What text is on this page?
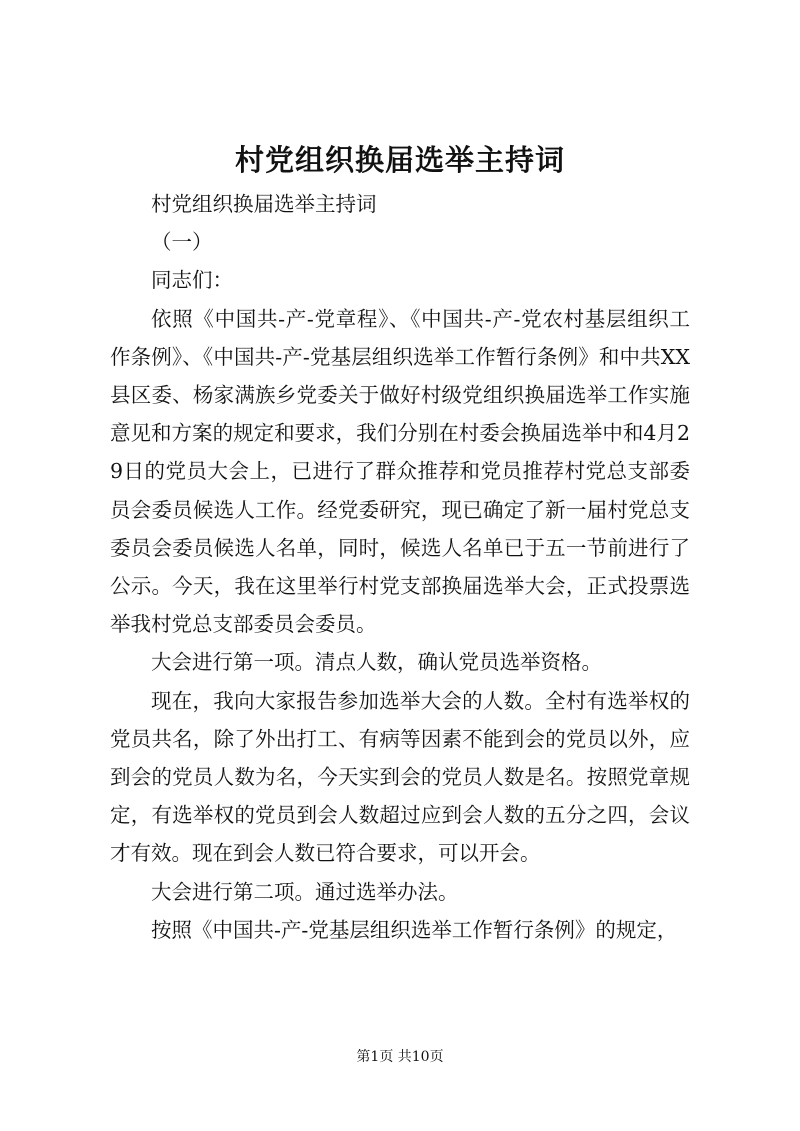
村党组织换届选举主持词

村党组织换届选举主持词

（一）

同志们：

依照《中国共-产-党章程》、《中国共-产-党农村基层组织工作条例》、《中国共-产-党基层组织选举工作暂行条例》和中共XX县区委、杨家满族乡党委关于做好村级党组织换届选举工作实施意见和方案的规定和要求，我们分别在村委会换届选举中和4月29日的党员大会上，已进行了群众推荐和党员推荐村党总支部委员会委员候选人工作。经党委研究，现已确定了新一届村党总支委员会委员候选人名单，同时，候选人名单已于五一节前进行了公示。今天，我在这里举行村党支部换届选举大会，正式投票选举我村党总支部委员会委员。

大会进行第一项。清点人数，确认党员选举资格。

现在，我向大家报告参加选举大会的人数。全村有选举权的党员共名，除了外出打工、有病等因素不能到会的党员以外，应到会的党员人数为名，今天实到会的党员人数是名。按照党章规定，有选举权的党员到会人数超过应到会人数的五分之四，会议才有效。现在到会人数已符合要求，可以开会。

大会进行第二项。通过选举办法。

按照《中国共-产-党基层组织选举工作暂行条例》的规定，

第1页 共10页
